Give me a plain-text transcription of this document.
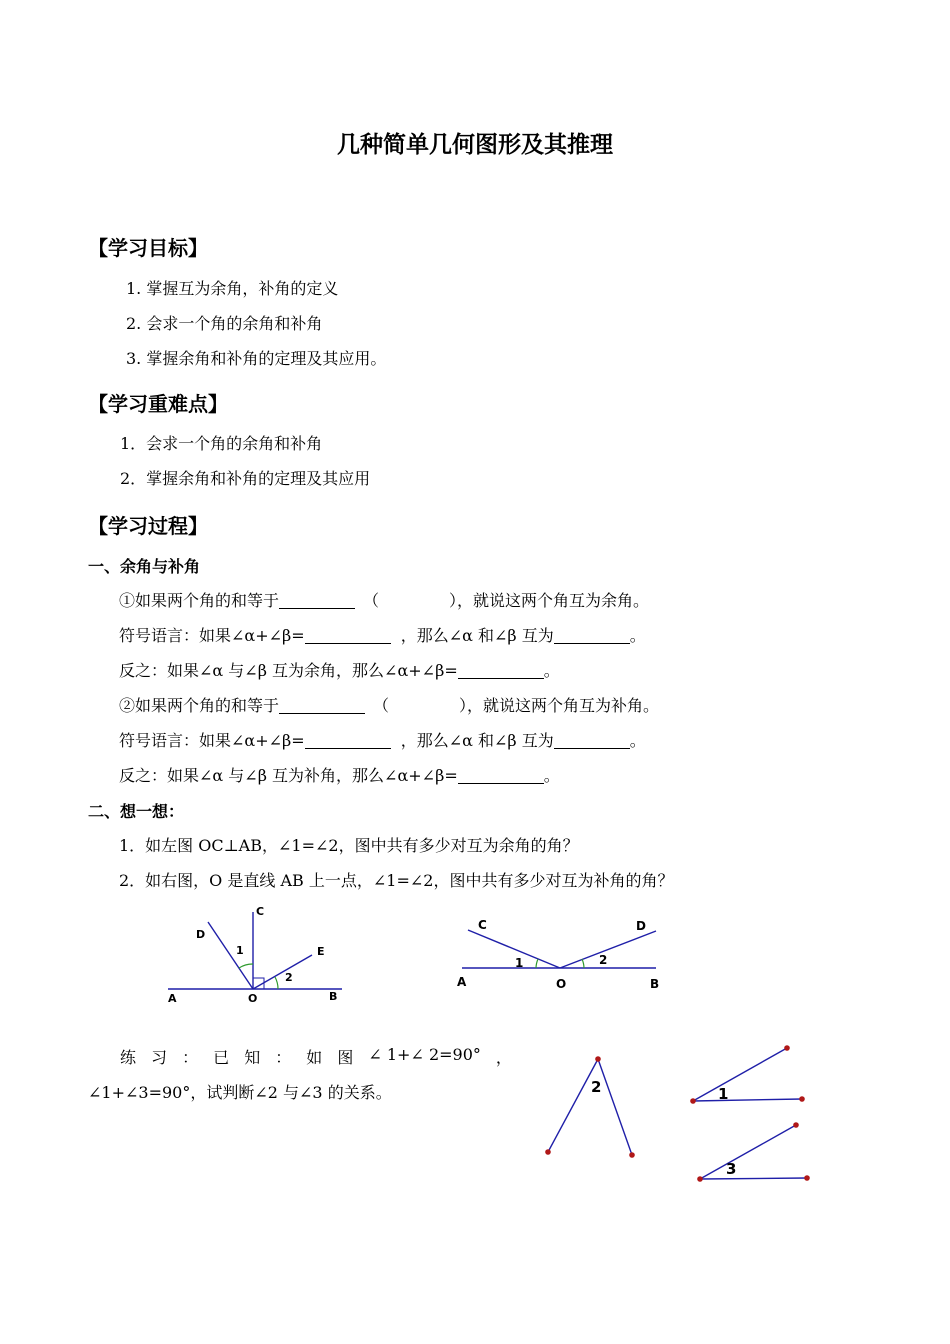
几种简单几何图形及其推理
【学习目标】
1. 掌握互为余角，补角的定义
2. 会求一个角的余角和补角
3. 掌握余角和补角的定理及其应用。
【学习重难点】
1．会求一个角的余角和补角
2．掌握余角和补角的定理及其应用
【学习过程】
一、余角与补角
①如果两个角的和等于	（	），就说这两个角互为余角。
符号语言：如果∠α+∠β=	，那么∠α 和∠β 互为	。
反之：如果∠α 与∠β 互为余角，那么∠α+∠β=	。
②如果两个角的和等于	（	），就说这两个角互为补角。
符号语言：如果∠α+∠β=	，那么∠α 和∠β 互为	。
反之：如果∠α 与∠β 互为补角，那么∠α+∠β=	。
二、想一想：
1．如左图 OC⊥AB，∠1=∠2，图中共有多少对互为余角的角？
2．如右图，O 是直线 AB 上一点，∠1=∠2，图中共有多少对互为补角的角？
A	O	B
C
D
E
1
2	A	O	B
C	D
1	2
练 习 ： 已 知 ： 如 图 ∠ 1+∠ 2=90° ，
∠1+∠3=90°，试判断∠2 与∠3 的关系。	2	1
3
